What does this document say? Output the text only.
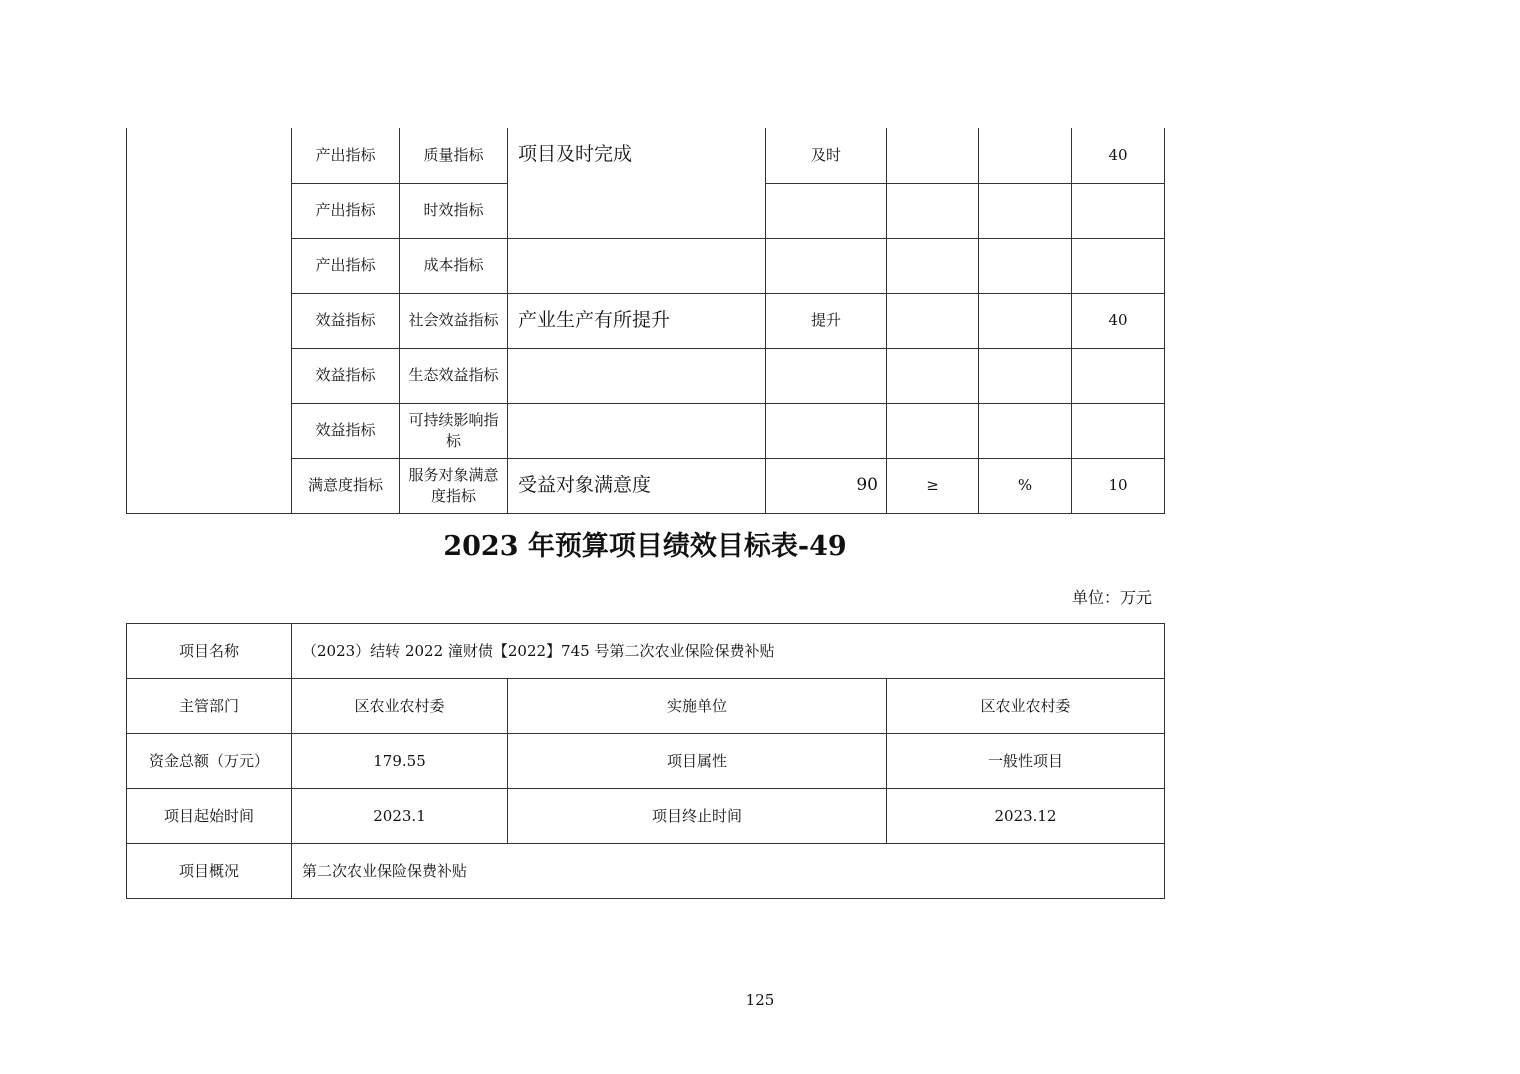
	产出指标	质量指标	项目及时完成	及时			40
	产出指标	时效指标					
	产出指标	成本指标					
	效益指标	社会效益指标	产业生产有所提升	提升			40
	效益指标	生态效益指标					
	效益指标	可持续影响指标					
	满意度指标	服务对象满意度指标	受益对象满意度	90	≥	%	10
2023 年预算项目绩效目标表-49
单位：万元
项目名称	（2023）结转 2022 潼财债【2022】745 号第二次农业保险保费补贴		
主管部门	区农业农村委	实施单位	区农业农村委
资金总额（万元）	179.55	项目属性	一般性项目
项目起始时间	2023.1	项目终止时间	2023.12
项目概况	第二次农业保险保费补贴		
125
